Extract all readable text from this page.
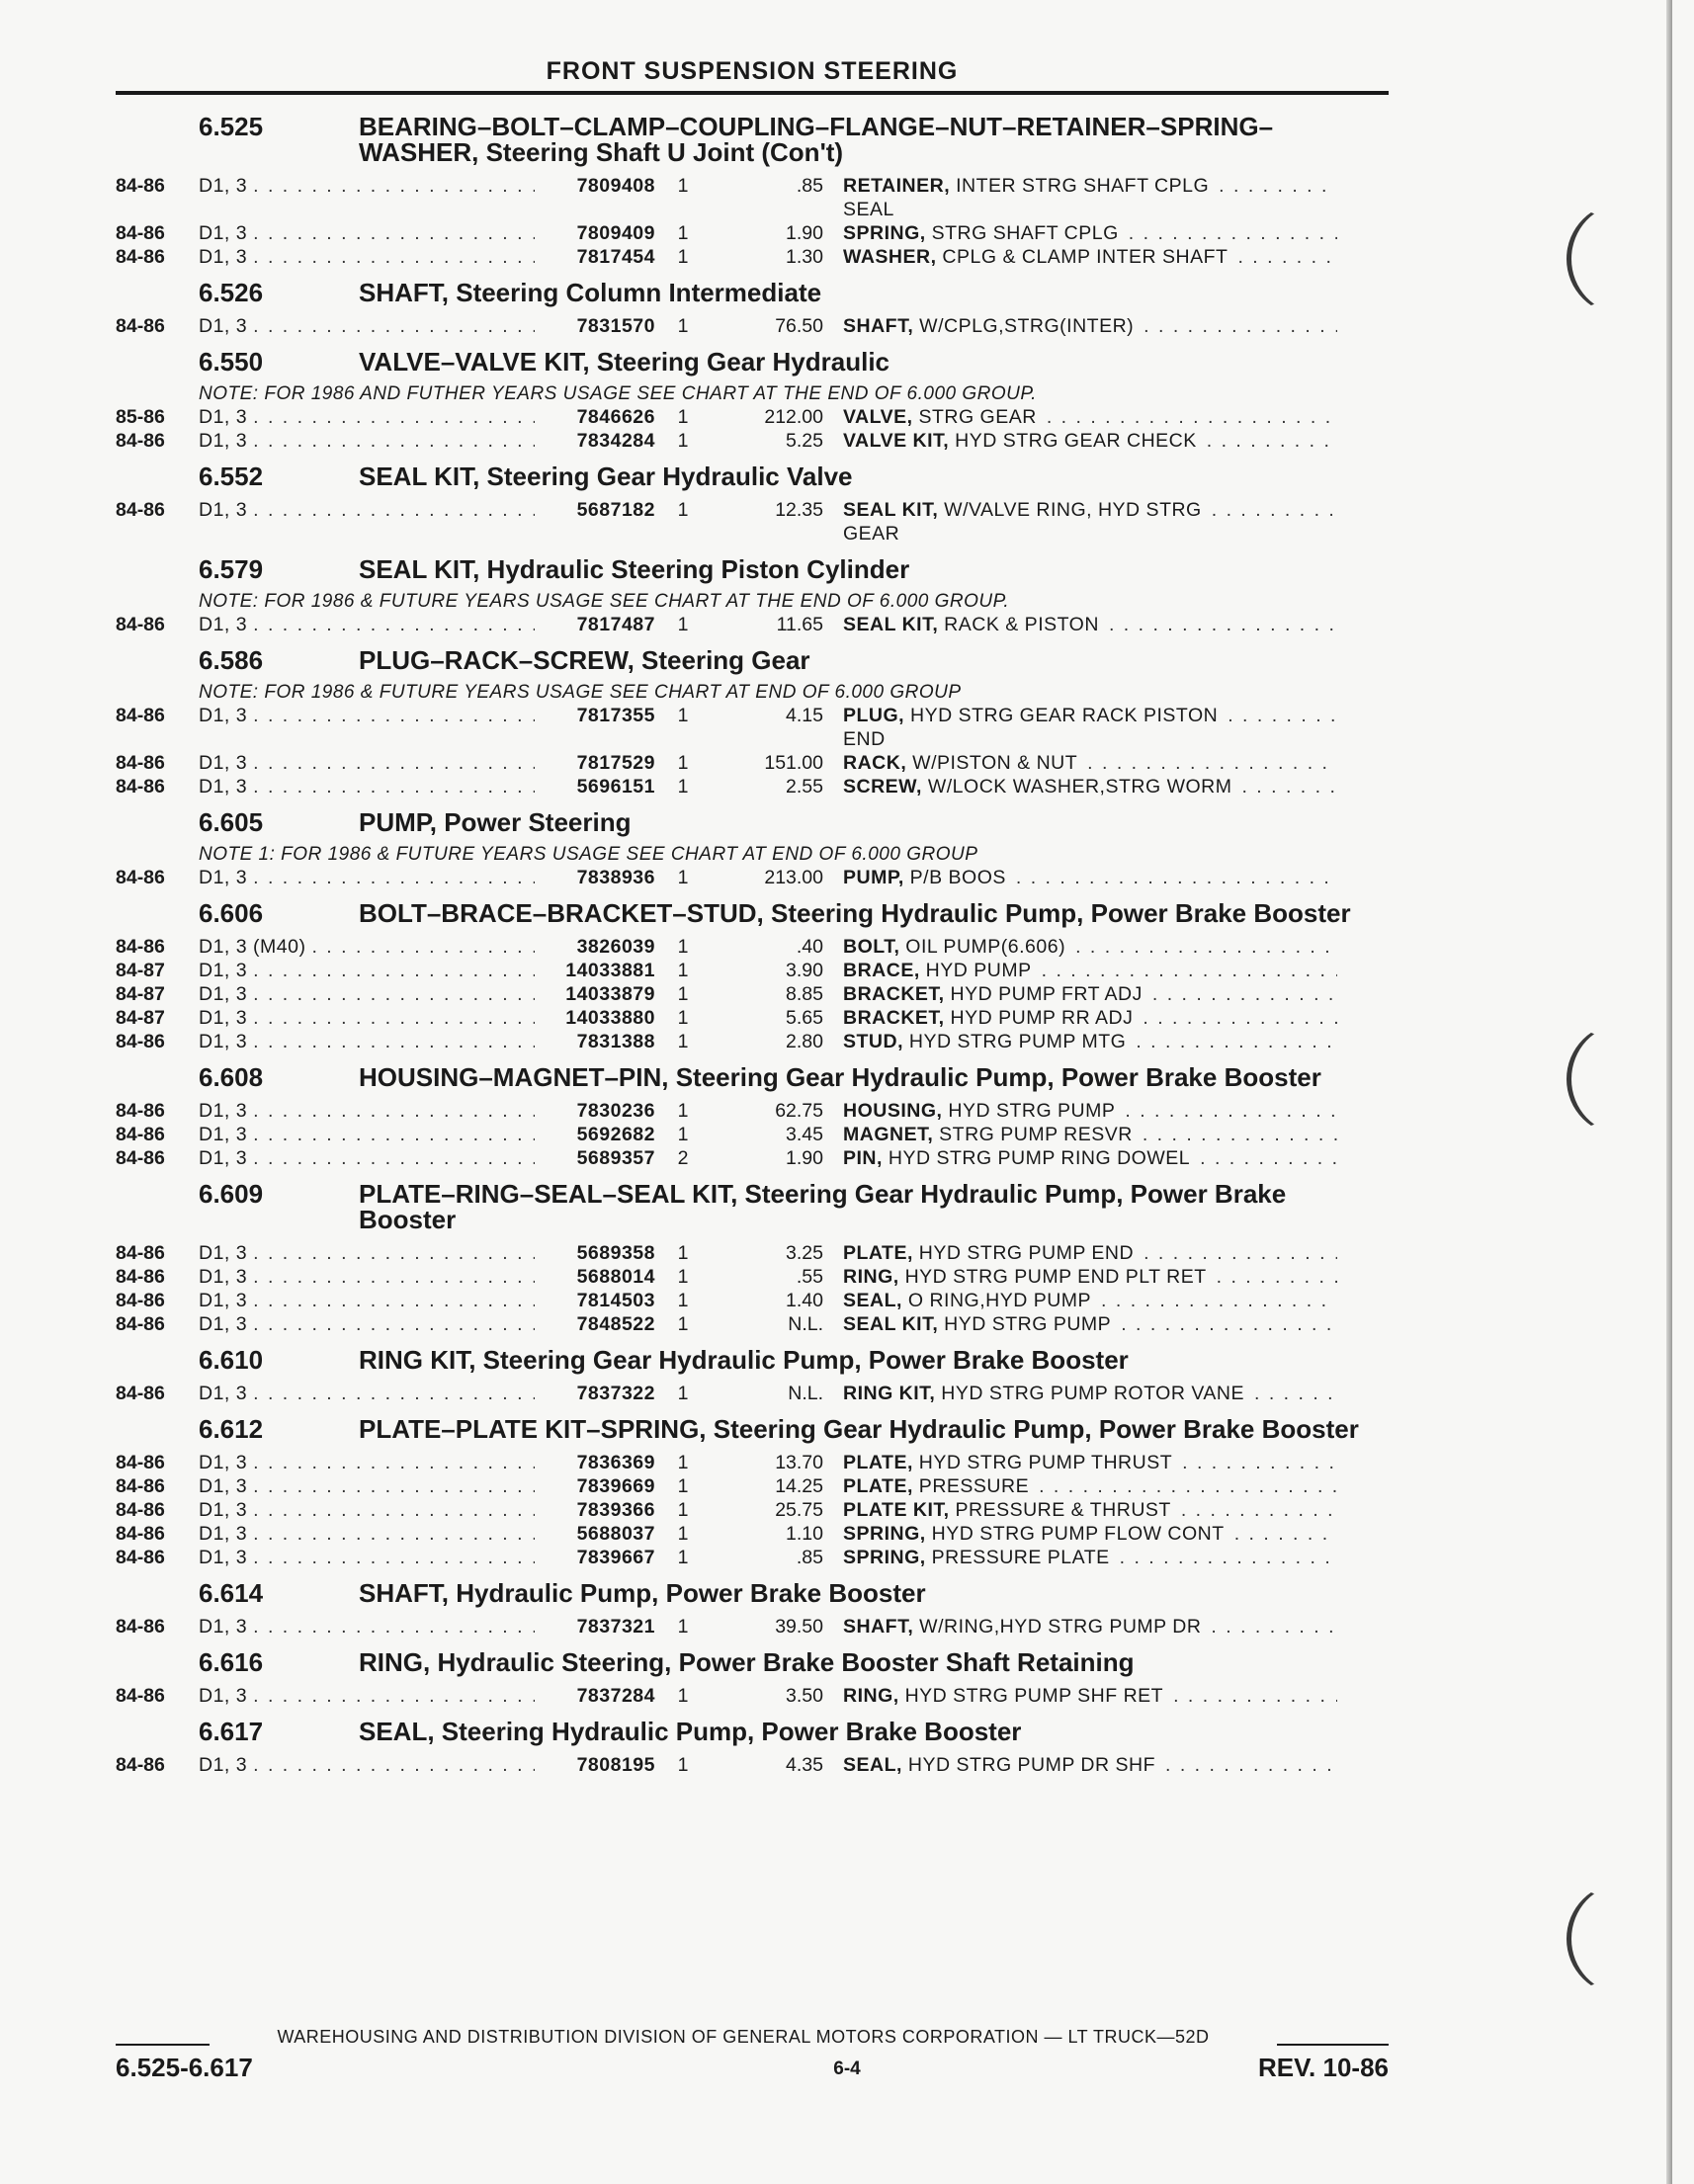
FRONT SUSPENSION STEERING
6.525	BEARING–BOLT–CLAMP–COUPLING–FLANGE–NUT–RETAINER–SPRING–WASHER, Steering Shaft U Joint (Con't)
84-86	D1, 3 . . .	7809408	1	.85 RETAINER, INTER STRG SHAFT CPLG
SEAL
. . .
84-86	D1, 3 . . .	7809409	1	1.90 SPRING, STRG SHAFT CPLG
. . .
84-86	D1, 3 . . .	7817454	1	1.30 WASHER, CPLG & CLAMP INTER SHAFT
. . .
6.526	SHAFT, Steering Column Intermediate
84-86	D1, 3 . . .	7831570	1	76.50 SHAFT, W/CPLG,STRG(INTER)
. . .
6.550	VALVE–VALVE KIT, Steering Gear Hydraulic
NOTE: FOR 1986 AND FUTHER YEARS USAGE SEE CHART AT THE END OF 6.000 GROUP.
85-86	D1, 3 . . .	7846626	1	212.00 VALVE, STRG GEAR
. . .
84-86	D1, 3 . . .	7834284	1	5.25 VALVE KIT, HYD STRG GEAR CHECK
. . .
6.552	SEAL KIT, Steering Gear Hydraulic Valve
84-86	D1, 3 . . .	5687182	1	12.35 SEAL KIT, W/VALVE RING, HYD STRG
GEAR
. . .
6.579	SEAL KIT, Hydraulic Steering Piston Cylinder
NOTE: FOR 1986 & FUTURE YEARS USAGE SEE CHART AT THE END OF 6.000 GROUP.
84-86	D1, 3 . . .	7817487	1	11.65 SEAL KIT, RACK & PISTON
. . .
6.586	PLUG–RACK–SCREW, Steering Gear
NOTE: FOR 1986 & FUTURE YEARS USAGE SEE CHART AT END OF 6.000 GROUP
84-86	D1, 3 . . .	7817355	1	4.15 PLUG, HYD STRG GEAR RACK PISTON
END
. . .
84-86	D1, 3 . . .	7817529	1	151.00 RACK, W/PISTON & NUT
. . .
84-86	D1, 3 . . .	5696151	1	2.55 SCREW, W/LOCK WASHER,STRG WORM
. . .
6.605	PUMP, Power Steering
NOTE 1: FOR 1986 & FUTURE YEARS USAGE SEE CHART AT END OF 6.000 GROUP
84-86	D1, 3 . . .	7838936	1	213.00 PUMP, P/B BOOS
. . .
6.606	BOLT–BRACE–BRACKET–STUD, Steering Hydraulic Pump, Power Brake Booster
84-86	D1, 3 (M40) . . .	3826039	1	.40 BOLT, OIL PUMP(6.606)
. . .
84-87	D1, 3 . . .	14033881	1	3.90 BRACE, HYD PUMP
. . .
84-87	D1, 3 . . .	14033879	1	8.85 BRACKET, HYD PUMP FRT ADJ
. . .
84-87	D1, 3 . . .	14033880	1	5.65 BRACKET, HYD PUMP RR ADJ
. . .
84-86	D1, 3 . . .	7831388	1	2.80 STUD, HYD STRG PUMP MTG
. . .
6.608	HOUSING–MAGNET–PIN, Steering Gear Hydraulic Pump, Power Brake Booster
84-86	D1, 3 . . .	7830236	1	62.75 HOUSING, HYD STRG PUMP
. . .
84-86	D1, 3 . . .	5692682	1	3.45 MAGNET, STRG PUMP RESVR
. . .
84-86	D1, 3 . . .	5689357	2	1.90 PIN, HYD STRG PUMP RING DOWEL
. . .
6.609	PLATE–RING–SEAL–SEAL KIT, Steering Gear Hydraulic Pump, Power Brake Booster
84-86	D1, 3 . . .	5689358	1	3.25 PLATE, HYD STRG PUMP END
. . .
84-86	D1, 3 . . .	5688014	1	.55 RING, HYD STRG PUMP END PLT RET
. . .
84-86	D1, 3 . . .	7814503	1	1.40 SEAL, O RING,HYD PUMP
. . .
84-86	D1, 3 . . .	7848522	1	N.L. SEAL KIT, HYD STRG PUMP
. . .
6.610	RING KIT, Steering Gear Hydraulic Pump, Power Brake Booster
84-86	D1, 3 . . .	7837322	1	N.L. RING KIT, HYD STRG PUMP ROTOR VANE
. . .
6.612	PLATE–PLATE KIT–SPRING, Steering Gear Hydraulic Pump, Power Brake Booster
84-86	D1, 3 . . .	7836369	1	13.70 PLATE, HYD STRG PUMP THRUST
. . .
84-86	D1, 3 . . .	7839669	1	14.25 PLATE, PRESSURE
. . .
84-86	D1, 3 . . .	7839366	1	25.75 PLATE KIT, PRESSURE & THRUST
. . .
84-86	D1, 3 . . .	5688037	1	1.10 SPRING, HYD STRG PUMP FLOW CONT
. . .
84-86	D1, 3 . . .	7839667	1	.85 SPRING, PRESSURE PLATE
. . .
6.614	SHAFT, Hydraulic Pump, Power Brake Booster
84-86	D1, 3 . . .	7837321	1	39.50 SHAFT, W/RING,HYD STRG PUMP DR
. . .
6.616	RING, Hydraulic Steering, Power Brake Booster Shaft Retaining
84-86	D1, 3 . . .	7837284	1	3.50 RING, HYD STRG PUMP SHF RET
. . .
6.617	SEAL, Steering Hydraulic Pump, Power Brake Booster
84-86	D1, 3 . . .	7808195	1	4.35 SEAL, HYD STRG PUMP DR SHF
. . .
WAREHOUSING AND DISTRIBUTION DIVISION OF GENERAL MOTORS CORPORATION — LT TRUCK—52D
6.525-6.617	6-4	REV. 10-86
